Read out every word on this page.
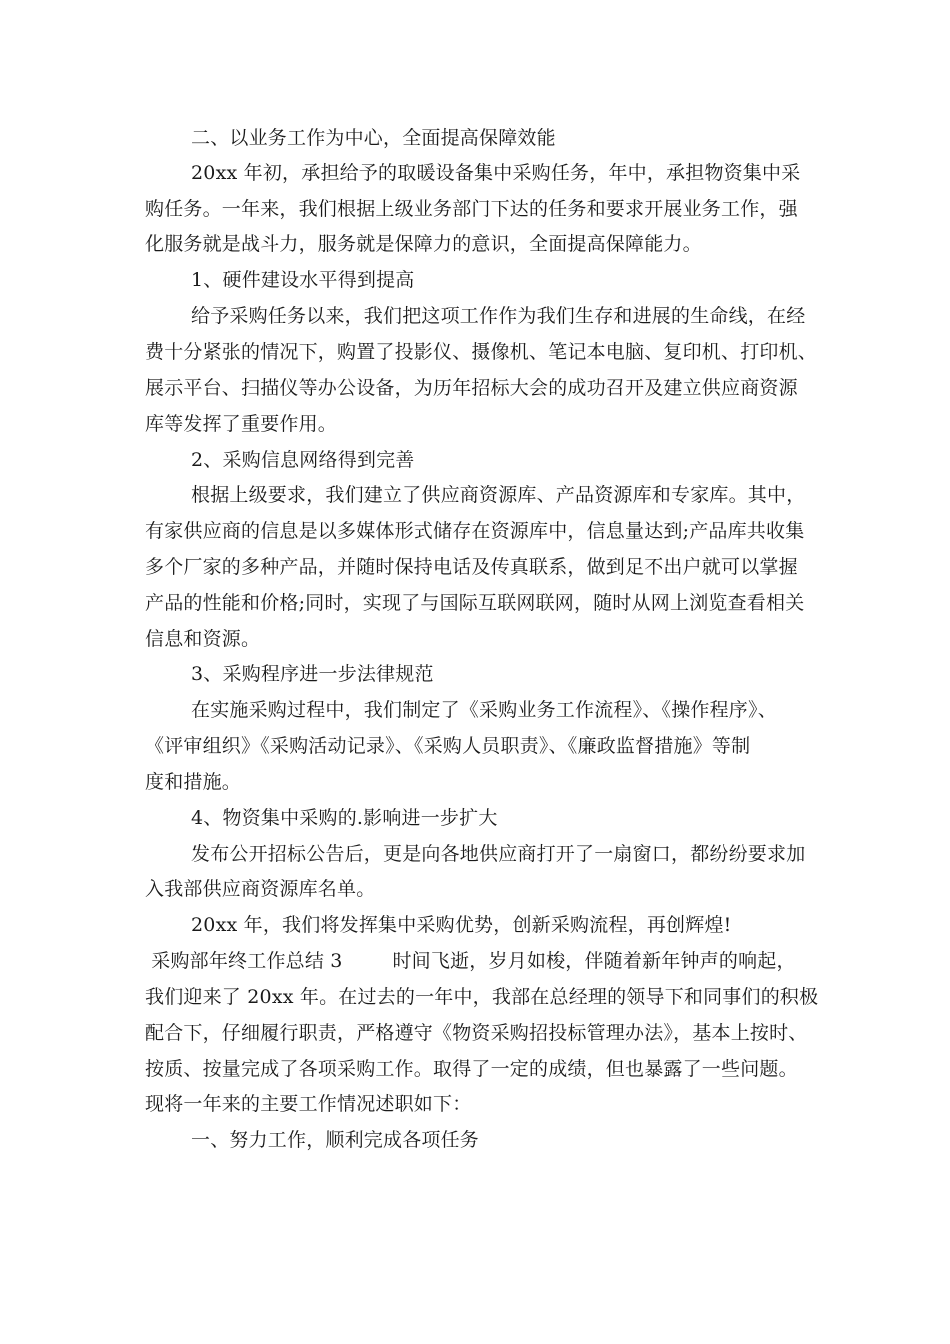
二、以业务工作为中心，全面提高保障效能
20xx 年初，承担给予的取暖设备集中采购任务，年中，承担物资集中采
购任务。一年来，我们根据上级业务部门下达的任务和要求开展业务工作，强
化服务就是战斗力，服务就是保障力的意识，全面提高保障能力。
1、硬件建设水平得到提高
给予采购任务以来，我们把这项工作作为我们生存和进展的生命线，在经
费十分紧张的情况下，购置了投影仪、摄像机、笔记本电脑、复印机、打印机、
展示平台、扫描仪等办公设备，为历年招标大会的成功召开及建立供应商资源
库等发挥了重要作用。
2、采购信息网络得到完善
根据上级要求，我们建立了供应商资源库、产品资源库和专家库。其中，
有家供应商的信息是以多媒体形式储存在资源库中，信息量达到;产品库共收集
多个厂家的多种产品，并随时保持电话及传真联系，做到足不出户就可以掌握
产品的性能和价格;同时，实现了与国际互联网联网，随时从网上浏览查看相关
信息和资源。
3、采购程序进一步法律规范
在实施采购过程中，我们制定了《采购业务工作流程》、《操作程序》、
《评审组织》《采购活动记录》、《采购人员职责》、《廉政监督措施》等制
度和措施。
4、物资集中采购的.影响进一步扩大
发布公开招标公告后，更是向各地供应商打开了一扇窗口，都纷纷要求加
入我部供应商资源库名单。
20xx 年，我们将发挥集中采购优势，创新采购流程，再创辉煌!
采购部年终工作总结 3        时间飞逝，岁月如梭，伴随着新年钟声的响起，
我们迎来了 20xx 年。在过去的一年中，我部在总经理的领导下和同事们的积极
配合下，仔细履行职责，严格遵守《物资采购招投标管理办法》，基本上按时、
按质、按量完成了各项采购工作。取得了一定的成绩，但也暴露了一些问题。
现将一年来的主要工作情况述职如下：
一、努力工作，顺利完成各项任务
